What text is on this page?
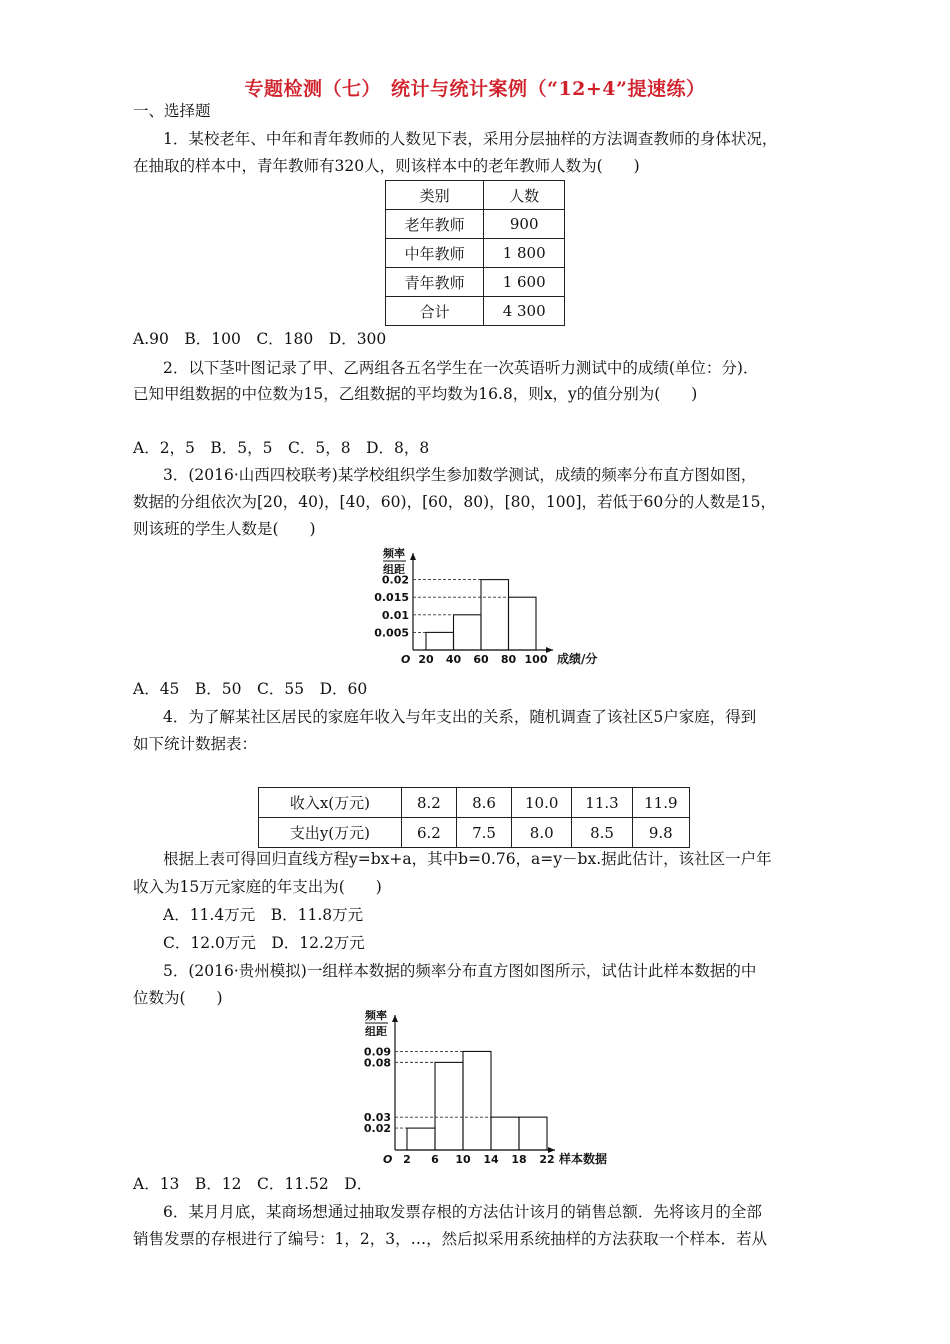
专题检测（七）　统计与统计案例（“12+4”提速练）
一、选择题
1．某校老年、中年和青年教师的人数见下表，采用分层抽样的方法调查教师的身体状况，
在抽取的样本中，青年教师有320人，则该样本中的老年教师人数为(　　)
类别	人数
老年教师	900
中年教师	1 800
青年教师	1 600
合计	4 300
A.90　B．100　C．180　D．300
2．以下茎叶图记录了甲、乙两组各五名学生在一次英语听力测试中的成绩(单位：分)．
已知甲组数据的中位数为15，乙组数据的平均数为16.8，则x，y的值分别为(　　)
A．2，5　B．5，5　C．5，8　D．8，8
3．(2016·山西四校联考)某学校组织学生参加数学测试，成绩的频率分布直方图如图，
数据的分组依次为[20，40)，[40，60)，[60，80)，[80，100]，若低于60分的人数是15，
则该班的学生人数是(　　)
频率
组距
O
0.02
0.015
0.01
0.005
20 40 60 80 100 成绩/分
A．45　B．50　C．55　D．60
4．为了解某社区居民的家庭年收入与年支出的关系，随机调查了该社区5户家庭，得到
如下统计数据表：
收入x(万元)	8.2	8.6	10.0	11.3	11.9
支出y(万元)	6.2	7.5	8.0	8.5	9.8
根据上表可得回归直线方程y=bx+a，其中b=0.76，a=y－bx.据此估计，该社区一户年
收入为15万元家庭的年支出为(　　)
A．11.4万元　B．11.8万元
C．12.0万元　D．12.2万元
5．(2016·贵州模拟)一组样本数据的频率分布直方图如图所示，试估计此样本数据的中
位数为(　　)
频率
组距
O
0.09
0.08
0.03
0.02
2 6 10 14 18 22 样本数据
A．13　B．12　C．11.52　D．
6．某月月底，某商场想通过抽取发票存根的方法估计该月的销售总额．先将该月的全部
销售发票的存根进行了编号：1，2，3，…，然后拟采用系统抽样的方法获取一个样本．若从
